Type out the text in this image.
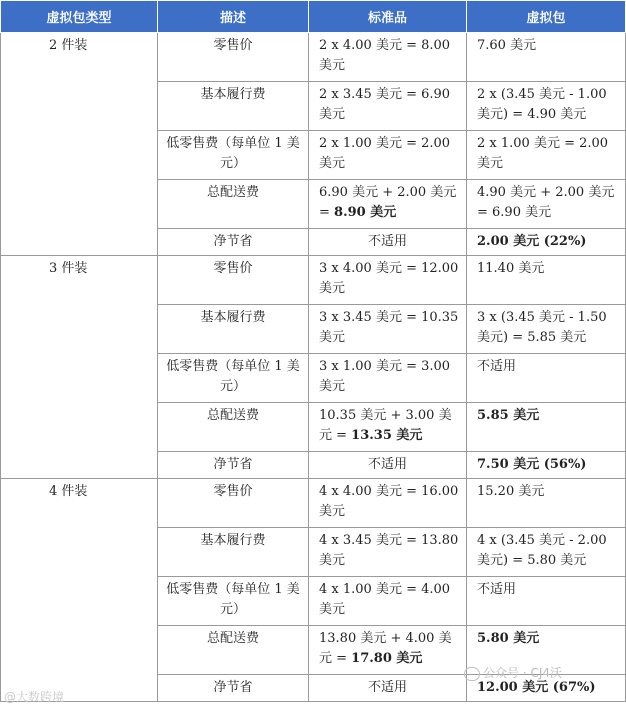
虚拟包类型	描述	标准品	虚拟包
2 件装	零售价	2 x 4.00 美元 = 8.00 美元	7.60 美元
	基本履行费	2 x 3.45 美元 = 6.90 美元	2 x (3.45 美元 - 1.00 美元) = 4.90 美元
	低零售费（每单位 1 美元）	2 x 1.00 美元 = 2.00 美元	2 x 1.00 美元 = 2.00 美元
	总配送费	6.90 美元 + 2.00 美元 = 8.90 美元	4.90 美元 + 2.00 美元 = 6.90 美元
	净节省	不适用	2.00 美元 (22%)
3 件装	零售价	3 x 4.00 美元 = 12.00 美元	11.40 美元
	基本履行费	3 x 3.45 美元 = 10.35 美元	3 x (3.45 美元 - 1.50 美元) = 5.85 美元
	低零售费（每单位 1 美元）	3 x 1.00 美元 = 3.00 美元	不适用
	总配送费	10.35 美元 + 3.00 美元 = 13.35 美元	5.85 美元
	净节省	不适用	7.50 美元 (56%)
4 件装	零售价	4 x 4.00 美元 = 16.00 美元	15.20 美元
	基本履行费	4 x 3.45 美元 = 13.80 美元	4 x (3.45 美元 - 2.00 美元) = 5.80 美元
	低零售费（每单位 1 美元）	4 x 1.00 美元 = 4.00 美元	不适用
	总配送费	13.80 美元 + 4.00 美元 = 17.80 美元	5.80 美元
	净节省	不适用	12.00 美元 (67%)
@大数跨境
公众号 · CJ4沃
